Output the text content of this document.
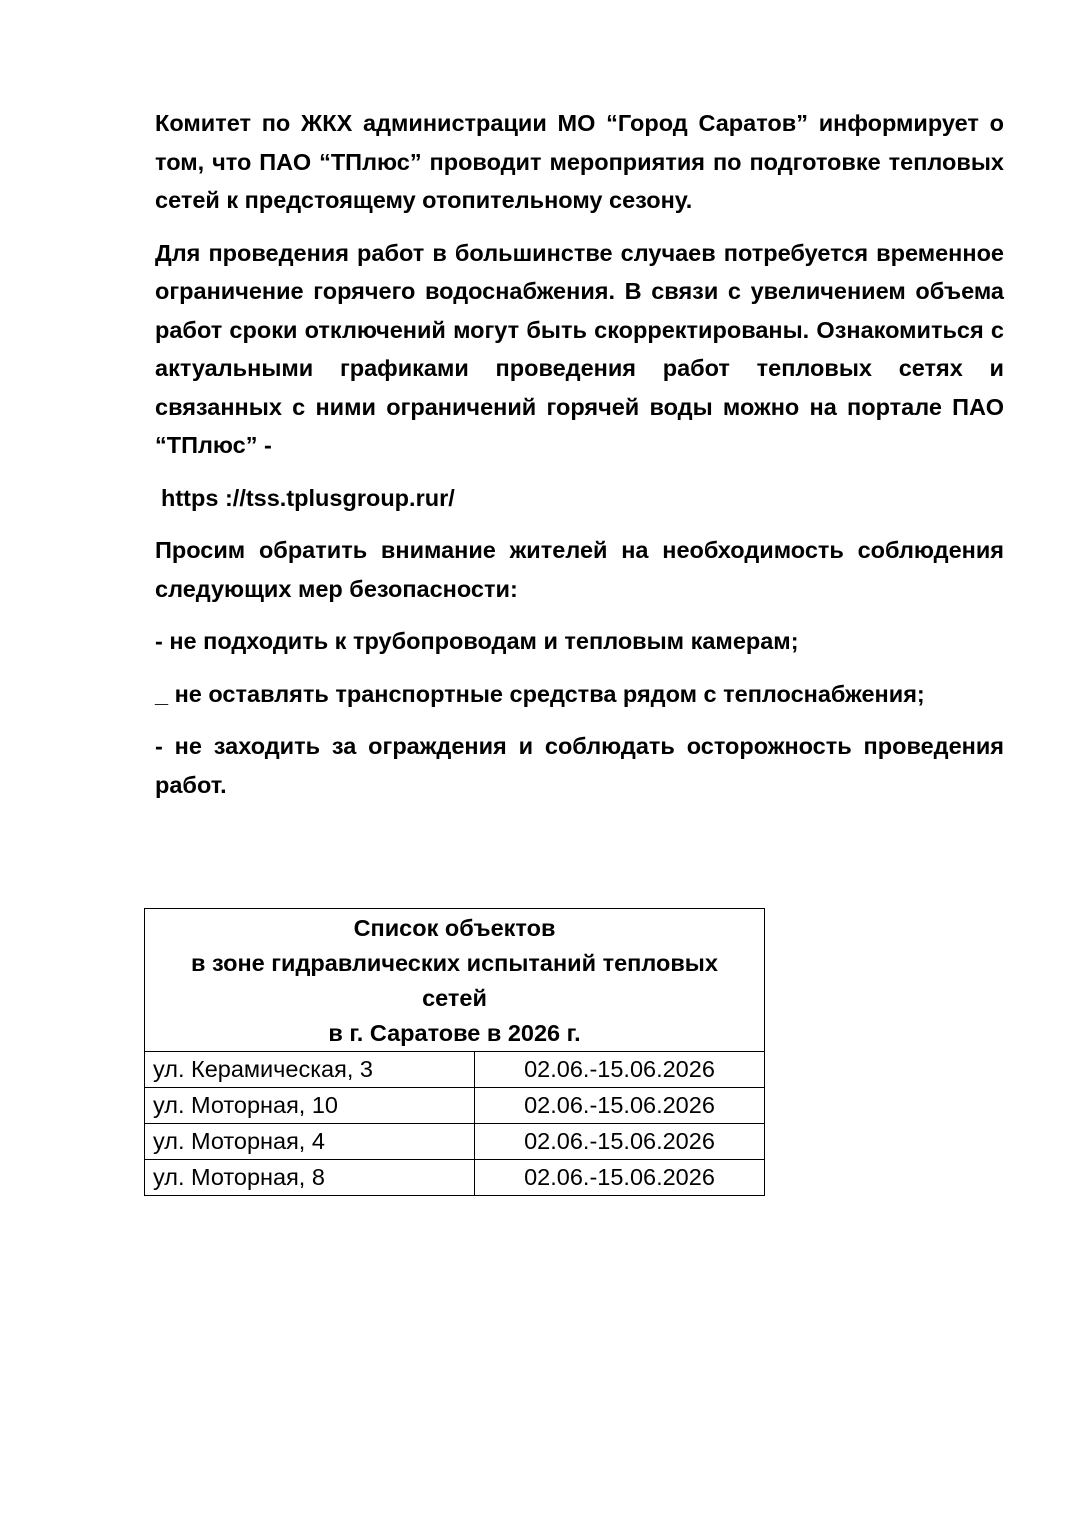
Комитет по ЖКХ администрации МО “Город Саратов” информирует о том, что ПАО “ТПлюс” проводит мероприятия по подготовке тепловых сетей к предстоящему отопительному сезону.

Для проведения работ в большинстве случаев потребуется временное ограничение горячего водоснабжения. В связи с увеличением объема работ сроки отключений могут быть скорректированы. Ознакомиться с актуальными графиками проведения работ тепловых сетях и связанных с ними ограничений горячей воды можно на портале ПАО “ТПлюс” -

https ://tss.tplusgroup.rur/

Просим обратить внимание жителей на необходимость соблюдения следующих мер безопасности:

- не подходить к трубопроводам и тепловым камерам;

_ не оставлять транспортные средства рядом с теплоснабжения;

- не заходить за ограждения и соблюдать осторожность проведения работ.

Список объектов
в зоне гидравлических испытаний тепловых
сетей
в г. Саратове в 2026 г.	

ул. Керамическая, 3	02.06.-15.06.2026
ул. Моторная, 10	02.06.-15.06.2026
ул. Моторная, 4	02.06.-15.06.2026
ул. Моторная, 8	02.06.-15.06.2026
